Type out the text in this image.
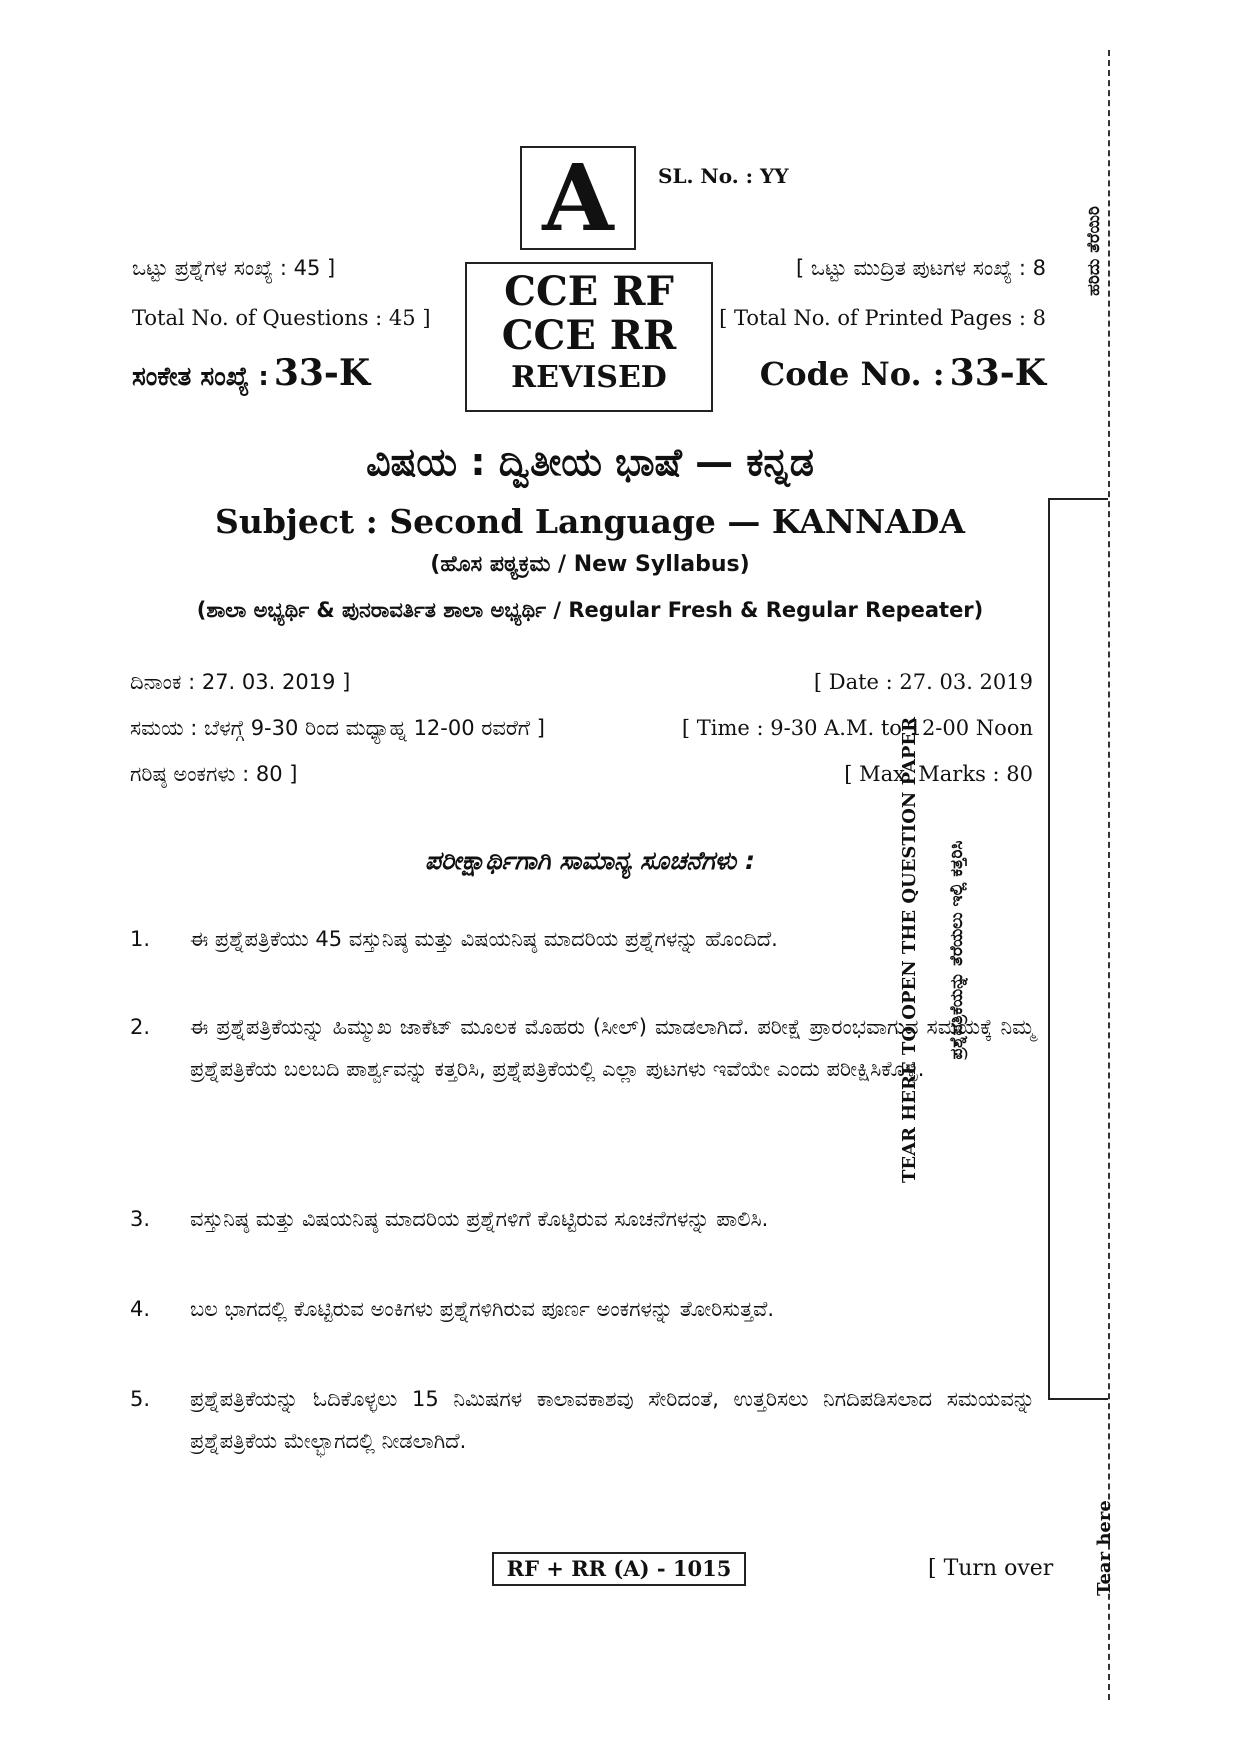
A SL. No. : YY
ಒಟ್ಟು ಪ್ರಶ್ನೆಗಳ ಸಂಖ್ಯೆ : 45 ]
Total No. of Questions : 45 ]
ಸಂಕೇತ ಸಂಖ್ಯೆ : 33-K
CCE RF
CCE RR
REVISED
[ ಒಟ್ಟು ಮುದ್ರಿತ ಪುಟಗಳ ಸಂಖ್ಯೆ : 8
[ Total No. of Printed Pages : 8
Code No. : 33-K
ವಿಷಯ : ದ್ವಿತೀಯ ಭಾಷೆ — ಕನ್ನಡ
Subject : Second Language — KANNADA
(ಹೊಸ ಪಠ್ಯಕ್ರಮ / New Syllabus)
(ಶಾಲಾ ಅಭ್ಯರ್ಥಿ & ಪುನರಾವರ್ತಿತ ಶಾಲಾ ಅಭ್ಯರ್ಥಿ / Regular Fresh & Regular Repeater)
ದಿನಾಂಕ : 27. 03. 2019 ]	[ Date : 27. 03. 2019
ಸಮಯ : ಬೆಳಗ್ಗೆ 9-30 ರಿಂದ ಮಧ್ಯಾಹ್ನ 12-00 ರವರೆಗೆ ]	[ Time : 9-30 A.M. to 12-00 Noon
ಗರಿಷ್ಠ ಅಂಕಗಳು : 80 ]	[ Max. Marks : 80
ಪರೀಕ್ಷಾರ್ಥಿಗಾಗಿ ಸಾಮಾನ್ಯ ಸೂಚನೆಗಳು :
1. ಈ ಪ್ರಶ್ನೆಪತ್ರಿಕೆಯು 45 ವಸ್ತುನಿಷ್ಠ ಮತ್ತು ವಿಷಯನಿಷ್ಠ ಮಾದರಿಯ ಪ್ರಶ್ನೆಗಳನ್ನು ಹೊಂದಿದೆ.
2. ಈ ಪ್ರಶ್ನೆಪತ್ರಿಕೆಯನ್ನು ಹಿಮ್ಮುಖ ಜಾಕೆಟ್ ಮೂಲಕ ಮೊಹರು (ಸೀಲ್) ಮಾಡಲಾಗಿದೆ. ಪರೀಕ್ಷೆ ಪ್ರಾರಂಭವಾಗುವ ಸಮಯಕ್ಕೆ ನಿಮ್ಮ ಪ್ರಶ್ನೆಪತ್ರಿಕೆಯ ಬಲಬದಿ ಪಾರ್ಶ್ವವನ್ನು ಕತ್ತರಿಸಿ, ಪ್ರಶ್ನೆಪತ್ರಿಕೆಯಲ್ಲಿ ಎಲ್ಲಾ ಪುಟಗಳು ಇವೆಯೇ ಎಂದು ಪರೀಕ್ಷಿಸಿಕೊಳ್ಳಿ.
3. ವಸ್ತುನಿಷ್ಠ ಮತ್ತು ವಿಷಯನಿಷ್ಠ ಮಾದರಿಯ ಪ್ರಶ್ನೆಗಳಿಗೆ ಕೊಟ್ಟಿರುವ ಸೂಚನೆಗಳನ್ನು ಪಾಲಿಸಿ.
4. ಬಲ ಭಾಗದಲ್ಲಿ ಕೊಟ್ಟಿರುವ ಅಂಕಿಗಳು ಪ್ರಶ್ನೆಗಳಿಗಿರುವ ಪೂರ್ಣ ಅಂಕಗಳನ್ನು ತೋರಿಸುತ್ತವೆ.
5. ಪ್ರಶ್ನೆಪತ್ರಿಕೆಯನ್ನು ಓದಿಕೊಳ್ಳಲು 15 ನಿಮಿಷಗಳ ಕಾಲಾವಕಾಶವು ಸೇರಿದಂತೆ, ಉತ್ತರಿಸಲು ನಿಗದಿಪಡಿಸಲಾದ ಸಮಯವನ್ನು ಪ್ರಶ್ನೆಪತ್ರಿಕೆಯ ಮೇಲ್ಭಾಗದಲ್ಲಿ ನೀಡಲಾಗಿದೆ.
RF + RR (A) - 1015	[ Turn over
ಹರಿದು ತೆರೆಯಿರಿ
TEAR HERE TO OPEN THE QUESTION PAPER ಪ್ರಶ್ನೆಪತ್ರಿಕೆಯನ್ನು ತೆರೆಯಲು ಇಲ್ಲಿ ಕತ್ತರಿಸಿ
Tear here
